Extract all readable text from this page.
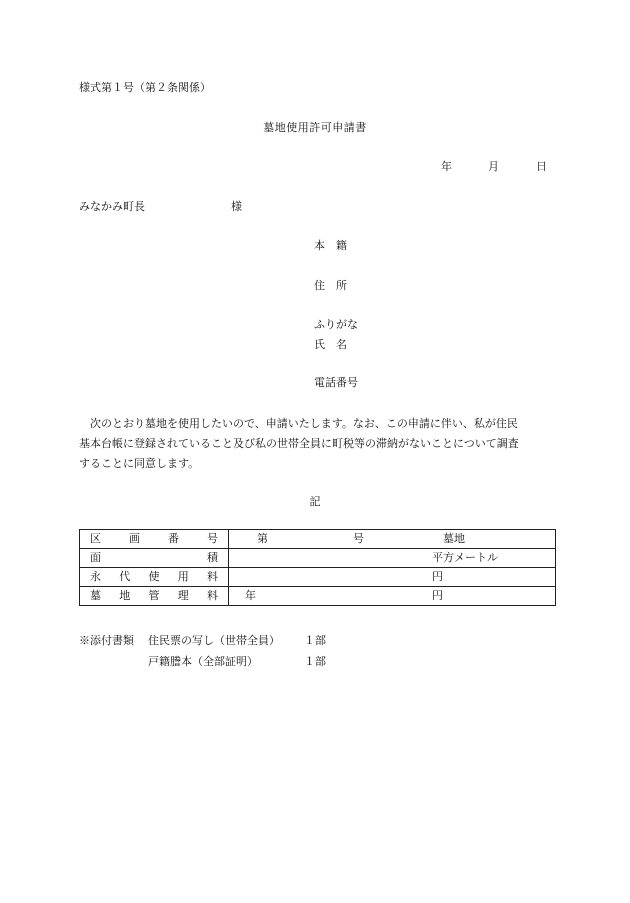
様式第１号（第２条関係）
墓地使用許可申請書
年	月	日
みなかみ町長	様
本　籍
住　所
ふりがな
氏　名
電話番号

　次のとおり墓地を使用したいので、申請いたします。なお、この申請に伴い、私が住民

基本台帳に登録されていること及び私の世帯全員に町税等の滞納がないことについて調査

することに同意します。

記
区画番号	第 号 墓地

面積	平方メートル

永代使用料	円

墓地管理料	年 円
※添付書類 住民票の写し（世帯全員） １部
戸籍謄本（全部証明）	１部
